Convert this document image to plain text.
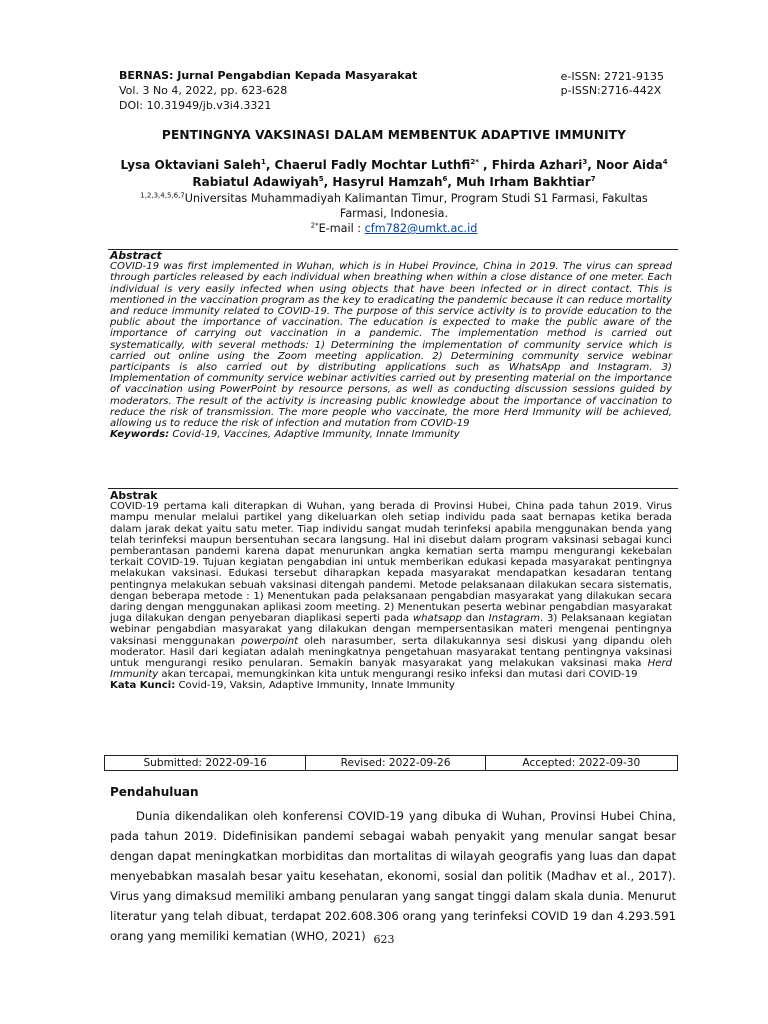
BERNAS: Jurnal Pengabdian Kepada Masyarakat
Vol. 3 No 4, 2022, pp. 623-628
DOI: 10.31949/jb.v3i4.3321
e-ISSN: 2721-9135
p-ISSN:2716-442X
PENTINGNYA VAKSINASI DALAM MEMBENTUK ADAPTIVE IMMUNITY
Lysa Oktaviani Saleh$^1$, Chaerul Fadly Mochtar Luthfi$^{2*}$ , Fhirda Azhari$^3$, Noor Aida$^4$
Rabiatul Adawiyah$^5$, Hasyrul Hamzah$^6$, Muh Irham Bakhtiar$^7$
$^{1,2,3,4,5,6,7}$Universitas Muhammadiyah Kalimantan Timur, Program Studi S1 Farmasi, Fakultas
Farmasi, Indonesia.
$^{2*}$E-mail : cfm782@umkt.ac.id
Abstract
COVID-19 was first implemented in Wuhan, which is in Hubei Province, China in 2019. The virus can spread through particles released by each individual when breathing when within a close distance of one meter. Each individual is very easily infected when using objects that have been infected or in direct contact. This is mentioned in the vaccination program as the key to eradicating the pandemic because it can reduce mortality and reduce immunity related to COVID-19. The purpose of this service activity is to provide education to the public about the importance of vaccination. The education is expected to make the public aware of the importance of carrying out vaccination in a pandemic. The implementation method is carried out systematically, with several methods: 1) Determining the implementation of community service which is carried out online using the Zoom meeting application. 2) Determining community service webinar participants is also carried out by distributing applications such as WhatsApp and Instagram. 3) Implementation of community service webinar activities carried out by presenting material on the importance of vaccination using PowerPoint by resource persons, as well as conducting discussion sessions guided by moderators. The result of the activity is increasing public knowledge about the importance of vaccination to reduce the risk of transmission. The more people who vaccinate, the more Herd Immunity will be achieved, allowing us to reduce the risk of infection and mutation from COVID-19
Keywords: Covid-19, Vaccines, Adaptive Immunity, Innate Immunity
Abstrak
COVID-19 pertama kali diterapkan di Wuhan, yang berada di Provinsi Hubei, China pada tahun 2019. Virus mampu menular melalui partikel yang dikeluarkan oleh setiap individu pada saat bernapas ketika berada dalam jarak dekat yaitu satu meter. Tiap individu sangat mudah terinfeksi apabila menggunakan benda yang telah terinfeksi maupun bersentuhan secara langsung. Hal ini disebut dalam program vaksinasi sebagai kunci pemberantasan pandemi karena dapat menurunkan angka kematian serta mampu mengurangi kekebalan terkait COVID-19. Tujuan kegiatan pengabdian ini untuk memberikan edukasi kepada masyarakat pentingnya melakukan vaksinasi. Edukasi tersebut diharapkan kepada masyarakat mendapatkan kesadaran tentang pentingnya melakukan sebuah vaksinasi ditengah pandemi. Metode pelaksanaan dilakukan secara sistematis, dengan beberapa metode : 1) Menentukan pada peIaksanaan pengabdian masyarakat yang dilakukan secara daring dengan menggunakan aplikasi zoom meeting. 2) Menentukan peserta webinar pengabdian masyarakat juga dilakukan dengan penyebaran diaplikasi seperti pada whatsapp dan Instagram. 3) Pelaksanaan kegiatan webinar pengabdian masyarakat yang dilakukan dengan mempersentasikan materi mengenai pentingnya vaksinasi menggunakan powerpoint oleh narasumber, serta dilakukannya sesi diskusi yang dipandu oleh moderator. Hasil dari kegiatan adalah meningkatnya pengetahuan masyarakat tentang pentingnya vaksinasi untuk mengurangi resiko penularan. Semakin banyak masyarakat yang melakukan vaksinasi maka Herd Immunity akan tercapai, memungkinkan kita untuk mengurangi resiko infeksi dan mutasi dari COVID-19
Kata Kunci: Covid-19, Vaksin, Adaptive Immunity, Innate Immunity
Submitted: 2022-09-16	Revised: 2022-09-26	Accepted: 2022-09-30
Pendahuluan
Dunia dikendalikan oleh konferensi COVID-19 yang dibuka di Wuhan, Provinsi Hubei China, pada tahun 2019. Didefinisikan pandemi sebagai wabah penyakit yang menular sangat besar dengan dapat meningkatkan morbiditas dan mortalitas di wilayah geografis yang luas dan dapat menyebabkan masalah besar yaitu kesehatan, ekonomi, sosial dan politik (Madhav et al., 2017). Virus yang dimaksud memiliki ambang penularan yang sangat tinggi dalam skala dunia. Menurut literatur yang telah dibuat, terdapat 202.608.306 orang yang terinfeksi COVID 19 dan 4.293.591 orang yang memiliki kematian (WHO, 2021) 623
